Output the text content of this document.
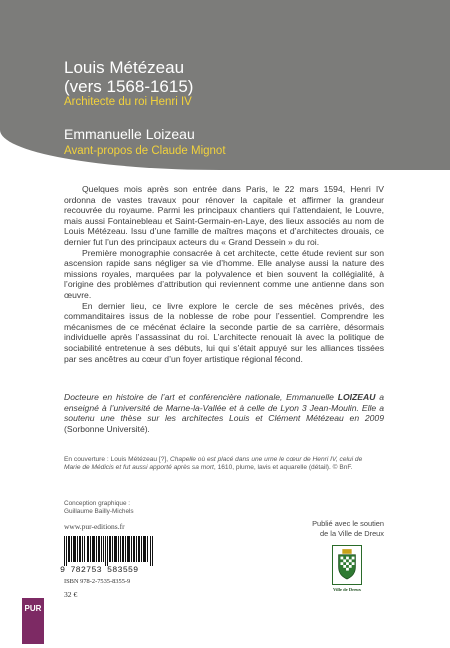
Louis Métézeau
(vers 1568-1615)
Architecte du roi Henri IV
Emmanuelle Loizeau
Avant-propos de Claude Mignot

Quelques mois après son entrée dans Paris, le 22 mars 1594, Henri IV ordonna de vastes travaux pour rénover la capitale et affirmer la grandeur recouvrée du royaume. Parmi les principaux chantiers qui l’attendaient, le Louvre, mais aussi Fontainebleau et Saint-Germain-en-Laye, des lieux associés au nom de Louis Métézeau. Issu d’une famille de maîtres maçons et d’architectes drouais, ce dernier fut l’un des principaux acteurs du « Grand Dessein » du roi.

Première monographie consacrée à cet architecte, cette étude revient sur son ascension rapide sans négliger sa vie d’homme. Elle analyse aussi la nature des missions royales, marquées par la polyvalence et bien souvent la collégialité, à l’origine des problèmes d’attribution qui reviennent comme une antienne dans son œuvre.

En dernier lieu, ce livre explore le cercle de ses mécènes privés, des commanditaires issus de la noblesse de robe pour l’essentiel. Comprendre les mécanismes de ce mécénat éclaire la seconde partie de sa carrière, désormais individuelle après l’assassinat du roi. L’architecte renouait là avec la politique de sociabilité entretenue à ses débuts, lui qui s’était appuyé sur les alliances tissées par ses ancêtres au cœur d’un foyer artistique régional fécond.

Docteure en histoire de l’art et conférencière nationale, Emmanuelle LOIZEAU a enseigné à l’université de Marne-la-Vallée et à celle de Lyon 3 Jean-Moulin. Elle a soutenu une thèse sur les architectes Louis et Clément Métézeau en 2009 (Sorbonne Université).
En couverture : Louis Métézeau [?], Chapelle où est placé dans une urne le cœur de Henri IV, celui de Marie de Médicis et fut aussi apporté après sa mort, 1610, plume, lavis et aquarelle (détail). © BnF.
Conception graphique :
Guillaume Bailly-Michels
www.pur-editions.fr
9 782753 583559
ISBN 978-2-7535-8355-9
32 €
Publié avec le soutien
de la Ville de Dreux
Ville de Dreux
PUR
